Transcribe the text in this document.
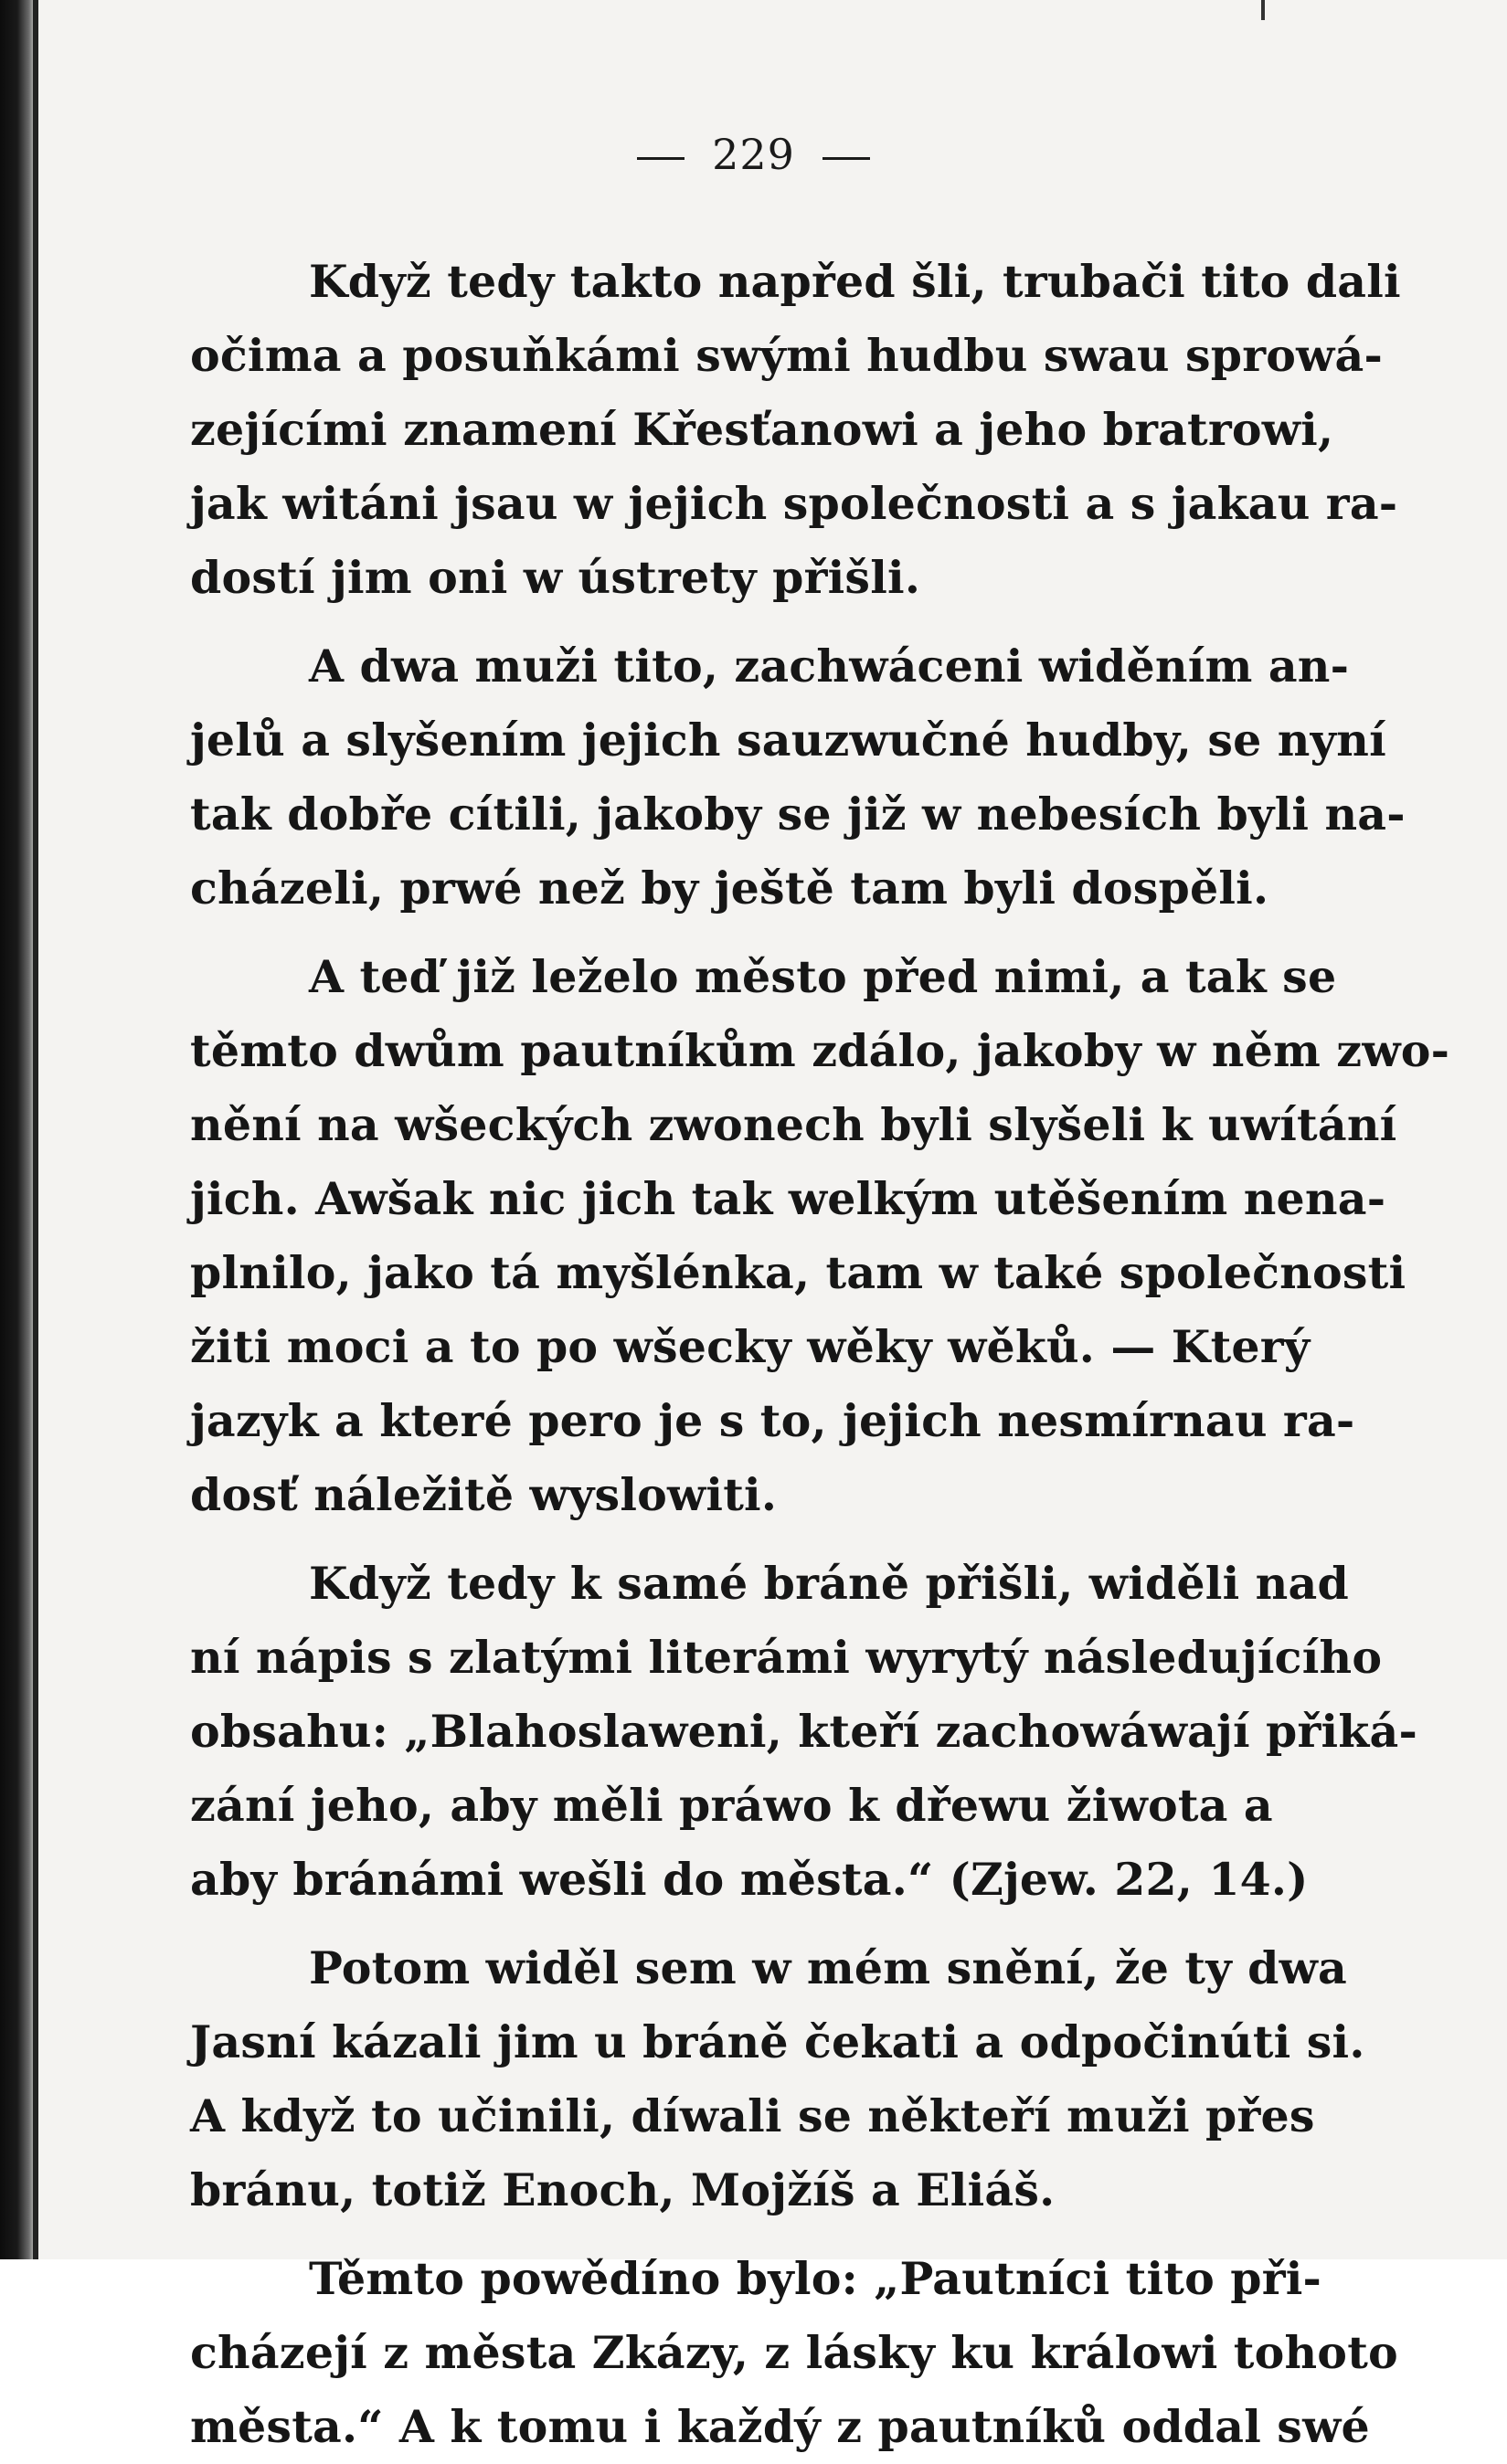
229
Když tedy takto napřed šli, trubači tito dali
očima a posuňkámi swými hudbu swau sprowá-
zejícími znamení Křesťanowi a jeho bratrowi,
jak witáni jsau w jejich společnosti a s jakau ra-
dostí jim oni w ústrety přišli.
A dwa muži tito, zachwáceni widěním an-
jelů a slyšením jejich sauzwučné hudby, se nyní
tak dobře cítili, jakoby se již w nebesích byli na-
cházeli, prwé než by ještě tam byli dospěli.
A teď již leželo město před nimi, a tak se
těmto dwům pautníkům zdálo, jakoby w něm zwo-
nění na wšeckých zwonech byli slyšeli k uwítání
jich. Awšak nic jich tak welkým utěšením nena-
plnilo, jako tá myšlénka, tam w také společnosti
žiti moci a to po wšecky wěky wěků. — Který
jazyk a které pero je s to, jejich nesmírnau ra-
dosť náležitě wyslowiti.
Když tedy k samé bráně přišli, widěli nad
ní nápis s zlatými literámi wyrytý následujícího
obsahu: „Blahoslaweni, kteří zachowáwají přiká-
zání jeho, aby měli práwo k dřewu žiwota a
aby bránámi wešli do města.“ (Zjew. 22, 14.)
Potom widěl sem w mém snění, že ty dwa
Jasní kázali jim u bráně čekati a odpočinúti si.
A když to učinili, díwali se někteří muži přes
bránu, totiž Enoch, Mojžíš a Eliáš.
Těmto powědíno bylo: „Pautníci tito při-
cházejí z města Zkázy, z lásky ku králowi tohoto
města.“ A k tomu i každý z pautníků oddal swé
